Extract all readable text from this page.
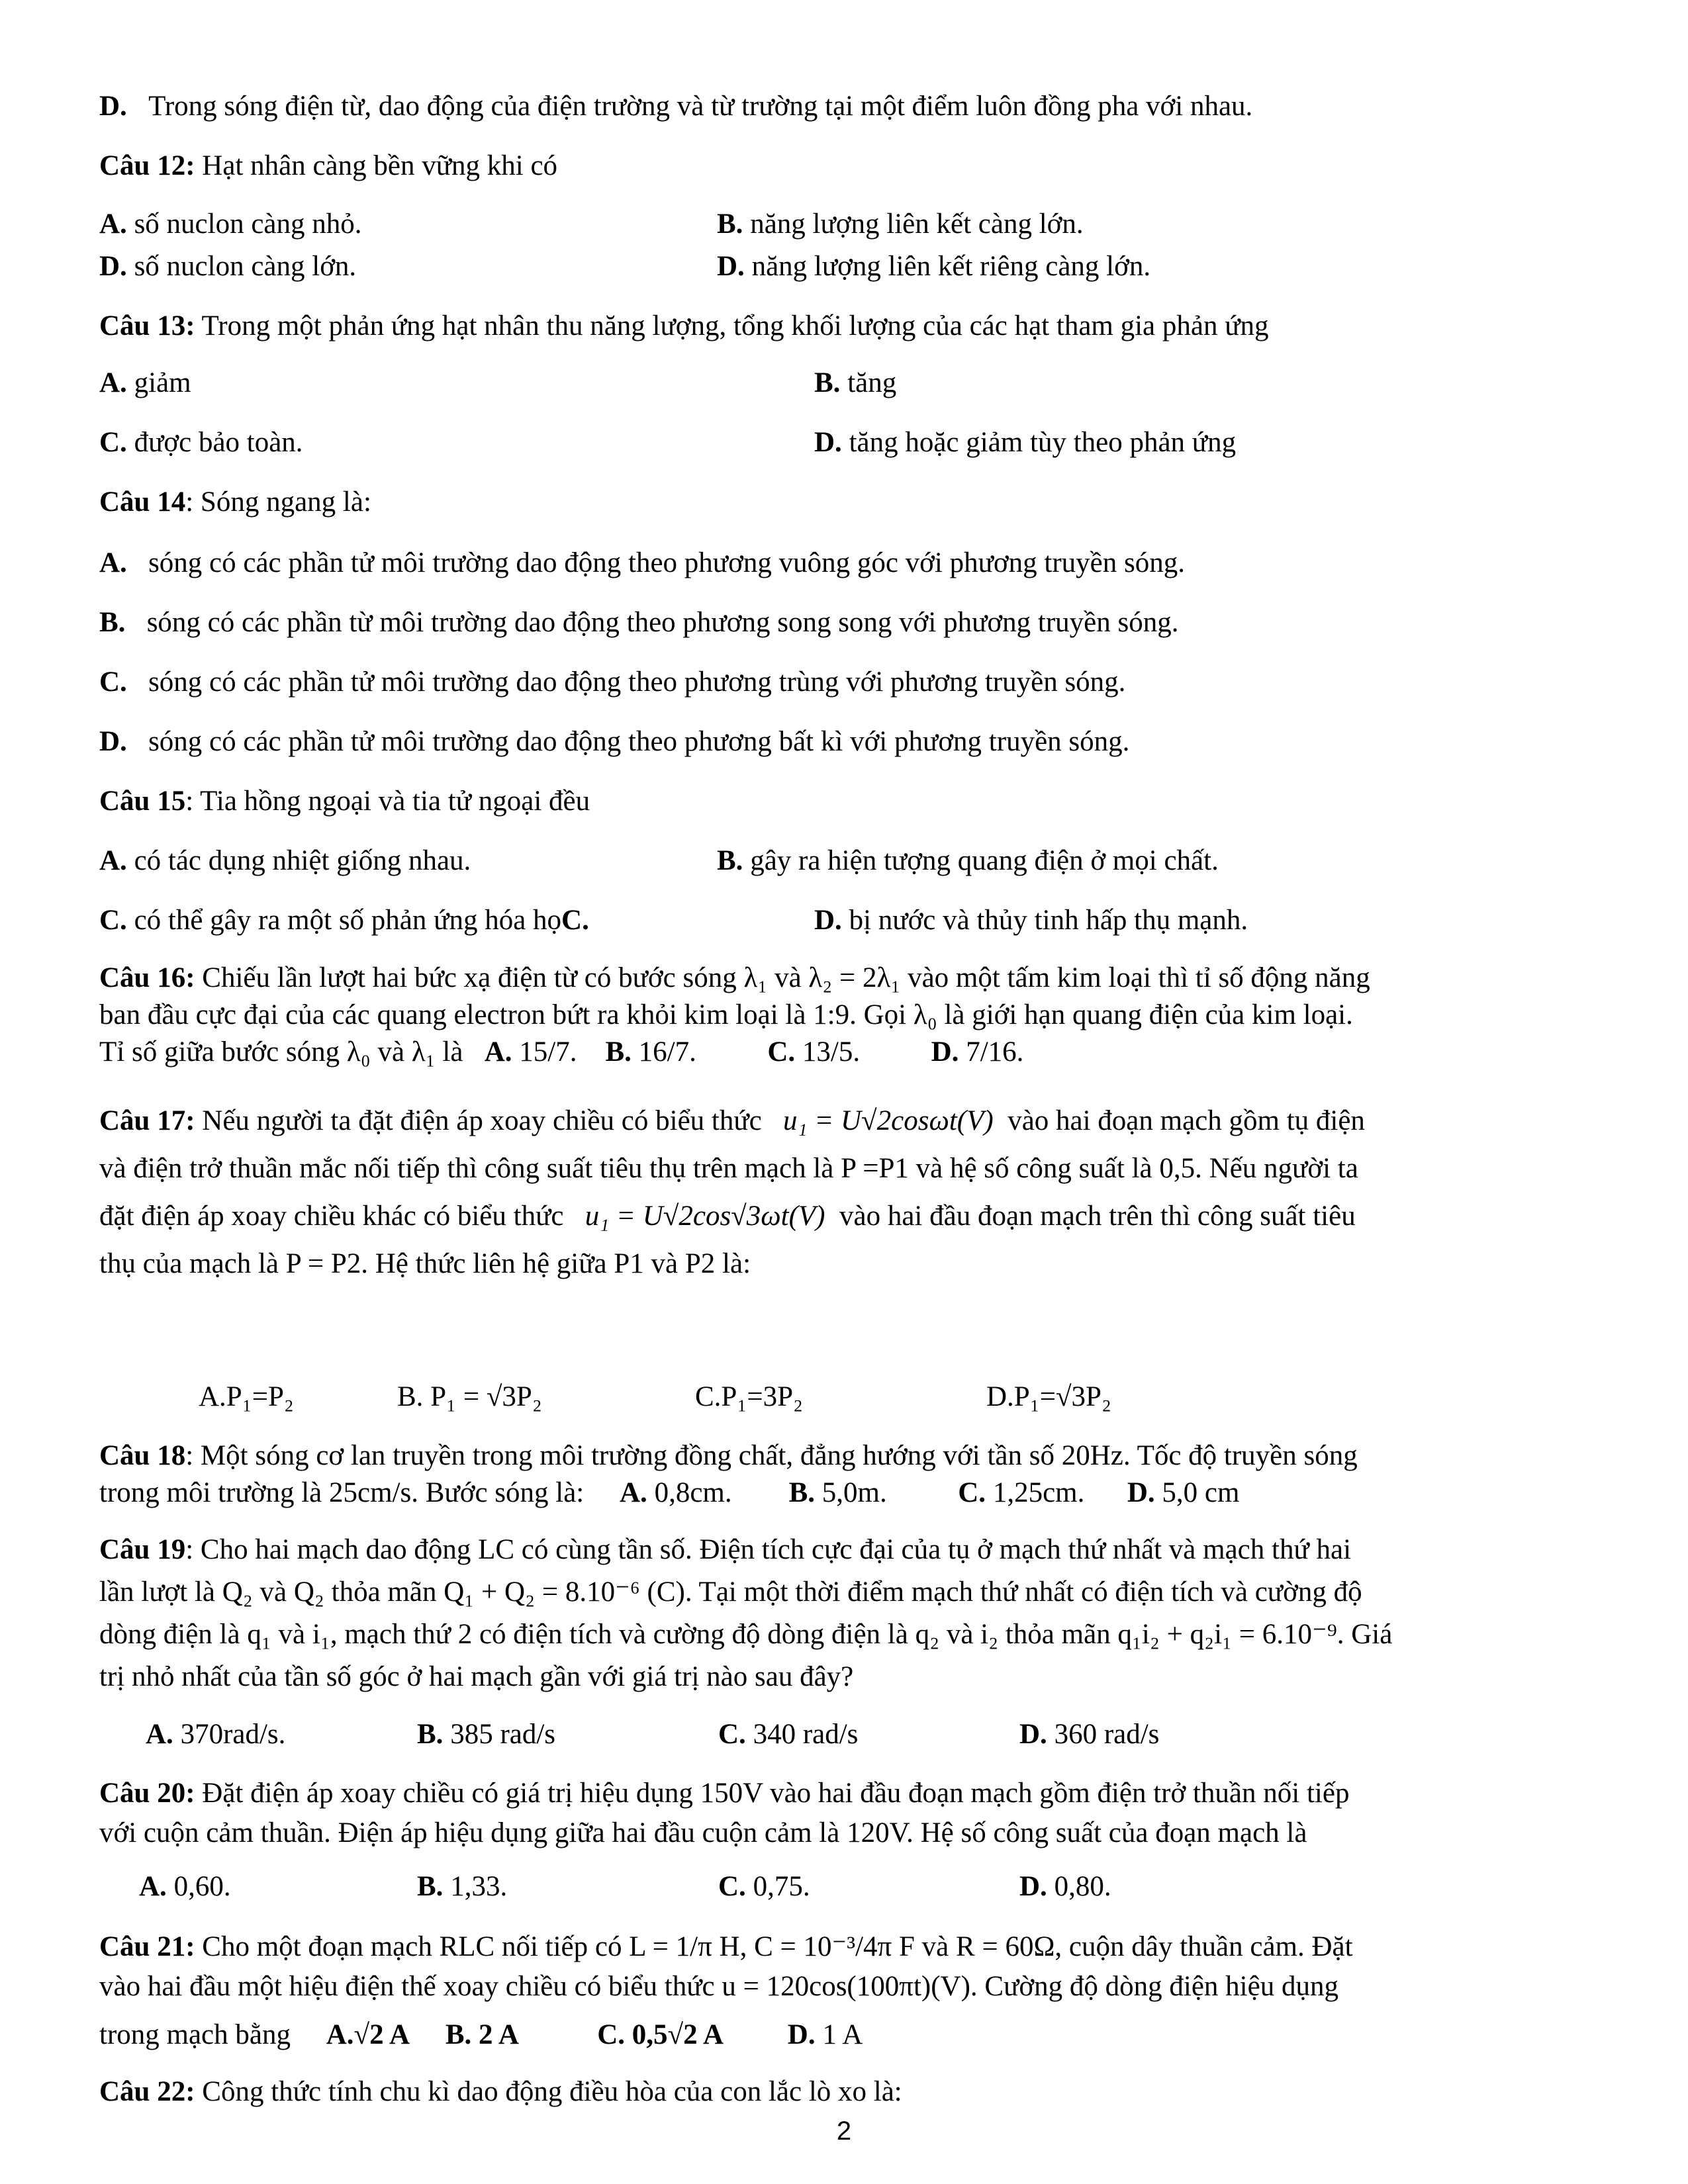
D. Trong sóng điện từ, dao động của điện trường và từ trường tại một điểm luôn đồng pha với nhau.
Câu 12: Hạt nhân càng bền vững khi có
A. số nuclon càng nhỏ.	B. năng lượng liên kết càng lớn.
D. số nuclon càng lớn.	D. năng lượng liên kết riêng càng lớn.
Câu 13: Trong một phản ứng hạt nhân thu năng lượng, tổng khối lượng của các hạt tham gia phản ứng
A. giảm	B. tăng
C. được bảo toàn.	D. tăng hoặc giảm tùy theo phản ứng
Câu 14: Sóng ngang là:
A. sóng có các phần tử môi trường dao động theo phương vuông góc với phương truyền sóng.
B. sóng có các phần từ môi trường dao động theo phương song song với phương truyền sóng.
C. sóng có các phần tử môi trường dao động theo phương trùng với phương truyền sóng.
D. sóng có các phần tử môi trường dao động theo phương bất kì với phương truyền sóng.
Câu 15: Tia hồng ngoại và tia tử ngoại đều
A. có tác dụng nhiệt giống nhau.	B. gây ra hiện tượng quang điện ở mọi chất.
C. có thể gây ra một số phản ứng hóa họC.	D. bị nước và thủy tinh hấp thụ mạnh.
Câu 16: Chiếu lần lượt hai bức xạ điện từ có bước sóng λ₁ và λ₂ = 2λ₁ vào một tấm kim loại thì tỉ số động năng
ban đầu cực đại của các quang electron bứt ra khỏi kim loại là 1:9. Gọi λ₀ là giới hạn quang điện của kim loại.
Tỉ số giữa bước sóng λ₀ và λ₁ là A. 15/7. B. 16/7.	C. 13/5.	D. 7/16.
Câu 17: Nếu người ta đặt điện áp xoay chiều có biểu thức u₁ = U√2cosωt(V) vào hai đoạn mạch gồm tụ điện
và điện trở thuần mắc nối tiếp thì công suất tiêu thụ trên mạch là P =P1 và hệ số công suất là 0,5. Nếu người ta
đặt điện áp xoay chiều khác có biểu thức u₁ = U√2cos√3ωt(V) vào hai đầu đoạn mạch trên thì công suất tiêu
thụ của mạch là P = P2. Hệ thức liên hệ giữa P1 và P2 là:
A.P₁=P₂	B. P₁ = √3P₂	C.P₁=3P₂	D.P₁=√3P₂
Câu 18: Một sóng cơ lan truyền trong môi trường đồng chất, đẳng hướng với tần số 20Hz. Tốc độ truyền sóng
trong môi trường là 25cm/s. Bước sóng là: A. 0,8cm. B. 5,0m.	C. 1,25cm. D. 5,0 cm
Câu 19: Cho hai mạch dao động LC có cùng tần số. Điện tích cực đại của tụ ở mạch thứ nhất và mạch thứ hai
lần lượt là Q₂ và Q₂ thỏa mãn Q₁ + Q₂ = 8.10⁻⁶ (C). Tại một thời điểm mạch thứ nhất có điện tích và cường độ
dòng điện là q₁ và i₁, mạch thứ 2 có điện tích và cường độ dòng điện là q₂ và i₂ thỏa mãn q₁i₂ + q₂i₁ = 6.10⁻⁹. Giá
trị nhỏ nhất của tần số góc ở hai mạch gần với giá trị nào sau đây?
A. 370rad/s.	B. 385 rad/s	C. 340 rad/s	D. 360 rad/s
Câu 20: Đặt điện áp xoay chiều có giá trị hiệu dụng 150V vào hai đầu đoạn mạch gồm điện trở thuần nối tiếp
với cuộn cảm thuần. Điện áp hiệu dụng giữa hai đầu cuộn cảm là 120V. Hệ số công suất của đoạn mạch là
A. 0,60.	B. 1,33.	C. 0,75.	D. 0,80.
Câu 21: Cho một đoạn mạch RLC nối tiếp có L = 1/π H, C = 10⁻³/4π F và R = 60Ω, cuộn dây thuần cảm. Đặt
vào hai đầu một hiệu điện thế xoay chiều có biểu thức u = 120cos(100πt)(V). Cường độ dòng điện hiệu dụng
trong mạch bằng A.√2 A B. 2 A	C. 0,5√2 A D. 1 A
Câu 22: Công thức tính chu kì dao động điều hòa của con lắc lò xo là:
2
